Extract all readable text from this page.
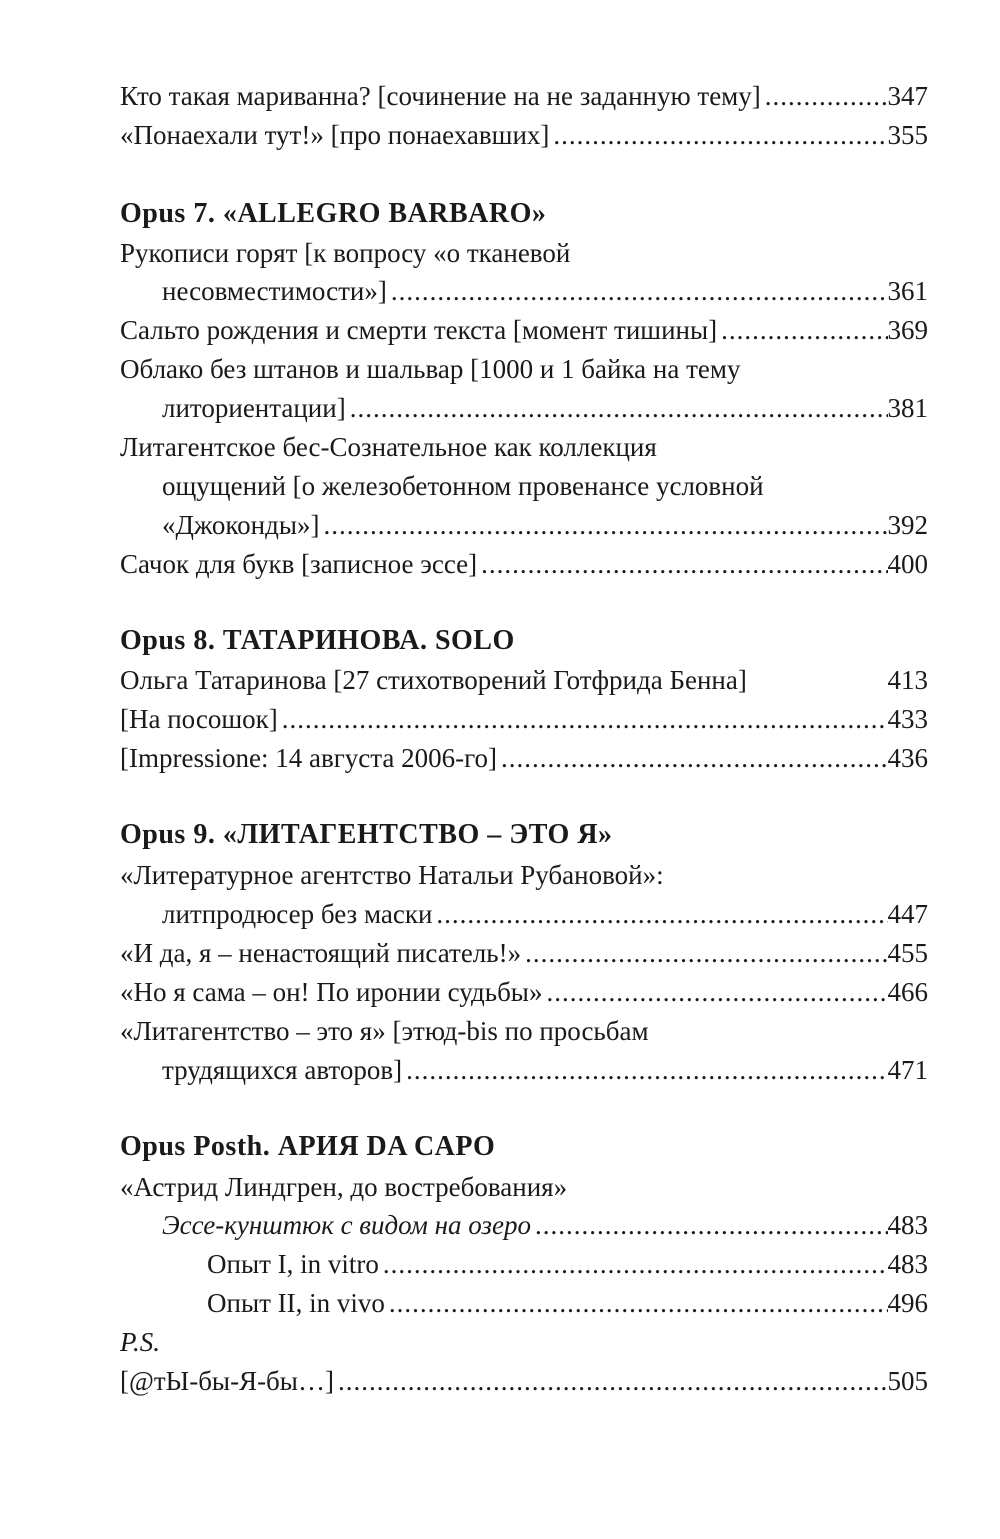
Кто такая мариванна? [сочинение на не заданную тему] .....	347
«Понаехали тут!» [про понаехавших] .....	355
Opus 7. «ALLEGRO BARBARO»
Рукописи горят [к вопросу «о тканевой
несовместимости»] .....	361
Сальто рождения и смерти текста [момент тишины] .....	369
Облако без штанов и шальвар [1000 и 1 байка на тему
литориентации] .....	381
Литагентское бес-Сознательное как коллекция
ощущений [о железобетонном провенансе условной
«Джоконды»] .....	392
Сачок для букв [записное эссе] .....	400
Opus 8. ТАТАРИНОВА. SOLO
Ольга Татаринова [27 стихотворений Готфрида Бенна]	413
[На посошок] .....	433
[Impressione: 14 августа 2006-го] .....	436
Opus 9. «ЛИТАГЕНТСТВО – ЭТО Я»
«Литературное агентство Натальи Рубановой»:
литпродюсер без маски .....	447
«И да, я – ненастоящий писатель!» .....	455
«Но я сама – он! По иронии судьбы» .....	466
«Литагентство – это я» [этюд-bis по просьбам
трудящихся авторов] .....	471
Opus Posth. АРИЯ DA CAPO
«Астрид Линдгрен, до востребования»
Эссе-кунштюк с видом на озеро .....	483
Опыт I, in vitro .....	483
Опыт II, in vivo .....	496
P.S.
[@тЫ-бы-Я-бы…] .....	505
